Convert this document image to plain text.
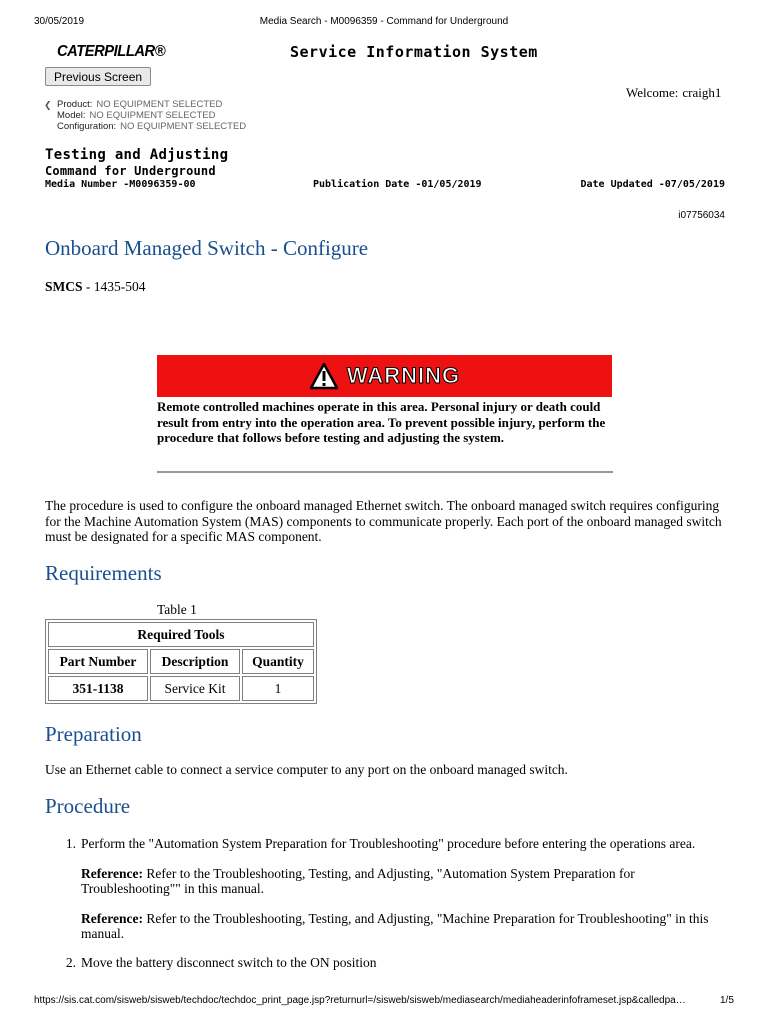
30/05/2019	Media Search - M0096359 - Command for Underground
CATERPILLAR®	Service Information System
Previous Screen
Welcome: craigh1
❮ Product: NO EQUIPMENT SELECTED
Model: NO EQUIPMENT SELECTED
Configuration: NO EQUIPMENT SELECTED
Testing and Adjusting
Command for Underground
Media Number -M0096359-00	Publication Date -01/05/2019	Date Updated -07/05/2019
i07756034
Onboard Managed Switch - Configure
SMCS - 1435-504
WARNING
Remote controlled machines operate in this area. Personal injury or death could result from entry into the operation area. To prevent possible injury, perform the procedure that follows before testing and adjusting the system.
The procedure is used to configure the onboard managed Ethernet switch. The onboard managed switch requires configuring for the Machine Automation System (MAS) components to communicate properly. Each port of the onboard managed switch must be designated for a specific MAS component.
Requirements
Table 1
Required Tools		
Part Number	Description	Quantity
351-1138	Service Kit	1
Preparation
Use an Ethernet cable to connect a service computer to any port on the onboard managed switch.
Procedure
1. Perform the "Automation System Preparation for Troubleshooting" procedure before entering the operations area.
Reference: Refer to the Troubleshooting, Testing, and Adjusting, "Automation System Preparation for Troubleshooting"" in this manual.
Reference: Refer to the Troubleshooting, Testing, and Adjusting, "Machine Preparation for Troubleshooting" in this manual.
2. Move the battery disconnect switch to the ON position
https://sis.cat.com/sisweb/sisweb/techdoc/techdoc_print_page.jsp?returnurl=/sisweb/sisweb/mediasearch/mediaheaderinfoframeset.jsp&calledpa…	1/5
